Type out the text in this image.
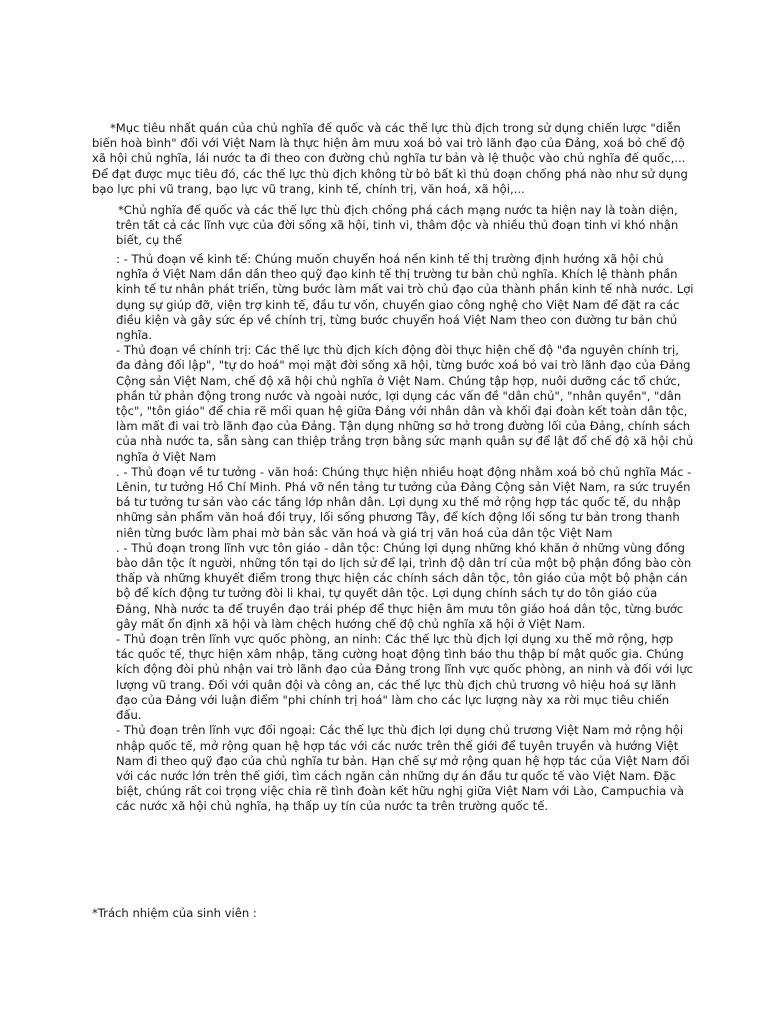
*Mục tiêu nhất quán của chủ nghĩa đế quốc và các thế lực thù địch trong sử dụng chiến lược "diễn biến hoà bình" đối với Việt Nam là thực hiện âm mưu xoá bỏ vai trò lãnh đạo của Đảng, xoá bỏ chế độ xã hội chủ nghĩa, lái nước ta đi theo con đường chủ nghĩa tư bản và lệ thuộc vào chủ nghĩa đế quốc,... Để đạt được mục tiêu đó, các thế lực thù địch không từ bỏ bất kì thủ đoạn chống phá nào như sử dụng bạo lực phi vũ trang, bạo lực vũ trang, kinh tế, chính trị, văn hoá, xã hội,...

*Chủ nghĩa đế quốc và các thế lực thù địch chống phá cách mạng nước ta hiện nay là toàn diện, trên tất cả các lĩnh vực của đời sống xã hội, tinh vi, thâm độc và nhiều thủ đoạn tinh vi khó nhận biết, cụ thể

: - Thủ đoạn về kinh tế: Chúng muốn chuyển hoá nền kinh tế thị trường định hướng xã hội chủ nghĩa ở Việt Nam dần dần theo quỹ đạo kinh tế thị trường tư bản chủ nghĩa. Khích lệ thành phần kinh tế tư nhân phát triển, từng bước làm mất vai trò chủ đạo của thành phần kinh tế nhà nước. Lợi dụng sự giúp đỡ, viện trợ kinh tế, đầu tư vốn, chuyển giao công nghệ cho Việt Nam để đặt ra các điều kiện và gây sức ép về chính trị, từng bước chuyển hoá Việt Nam theo con đường tư bản chủ nghĩa.

- Thủ đoạn về chính trị: Các thế lực thù địch kích động đòi thực hiện chế độ "đa nguyên chính trị, đa đảng đối lập", "tự do hoá" mọi mặt đời sống xã hội, từng bước xoá bỏ vai trò lãnh đạo của Đảng Cộng sản Việt Nam, chế độ xã hội chủ nghĩa ở Việt Nam. Chúng tập hợp, nuôi dưỡng các tổ chức, phần tử phản động trong nước và ngoài nước, lợi dụng các vấn đề "dân chủ", "nhân quyền", "dân tộc", "tôn giáo" để chia rẽ mối quan hệ giữa Đảng với nhân dân và khối đại đoàn kết toàn dân tộc, làm mất đi vai trò lãnh đạo của Đảng. Tận dụng những sơ hở trong đường lối của Đảng, chính sách của nhà nước ta, sẵn sàng can thiệp trắng trợn bằng sức mạnh quân sự để lật đổ chế độ xã hội chủ nghĩa ở Việt Nam

. - Thủ đoạn về tư tưởng - văn hoá: Chúng thực hiện nhiều hoạt động nhằm xoá bỏ chủ nghĩa Mác - Lênin, tư tưởng Hồ Chí Minh. Phá vỡ nền tảng tư tưởng của Đảng Cộng sản Việt Nam, ra sức truyền bá tư tưởng tư sản vào các tầng lớp nhân dân. Lợi dụng xu thế mở rộng hợp tác quốc tế, du nhập những sản phẩm văn hoá đồi trụy, lối sống phương Tây, để kích động lối sống tư bản trong thanh niên từng bước làm phai mờ bản sắc văn hoá và giá trị văn hoá của dân tộc Việt Nam

. - Thủ đoạn trong lĩnh vực tôn giáo - dân tộc: Chúng lợi dụng những khó khăn ở những vùng đồng bào dân tộc ít người, những tồn tại do lịch sử để lại, trình độ dân trí của một bộ phận đồng bào còn thấp và những khuyết điểm trong thực hiện các chính sách dân tộc, tôn giáo của một bộ phận cán bộ để kích động tư tưởng đòi li khai, tự quyết dân tộc. Lợi dụng chính sách tự do tôn giáo của Đảng, Nhà nước ta để truyền đạo trái phép để thực hiện âm mưu tôn giáo hoá dân tộc, từng bước gây mất ổn định xã hội và làm chệch hướng chế độ chủ nghĩa xã hội ở Việt Nam.

- Thủ đoạn trên lĩnh vực quốc phòng, an ninh: Các thế lực thù địch lợi dụng xu thế mở rộng, hợp tác quốc tế, thực hiện xâm nhập, tăng cường hoạt động tình báo thu thập bí mật quốc gia. Chúng kích động đòi phủ nhận vai trò lãnh đạo của Đảng trong lĩnh vực quốc phòng, an ninh và đối với lực lượng vũ trang. Đối với quân đội và công an, các thế lực thù địch chủ trương vô hiệu hoá sự lãnh đạo của Đảng với luận điểm "phi chính trị hoá" làm cho các lực lượng này xa rời mục tiêu chiến đấu.

- Thủ đoạn trên lĩnh vực đối ngoại: Các thế lực thù địch lợi dụng chủ trương Việt Nam mở rộng hội nhập quốc tế, mở rộng quan hệ hợp tác với các nước trên thế giới để tuyên truyền và hướng Việt Nam đi theo quỹ đạo của chủ nghĩa tư bản. Hạn chế sự mở rộng quan hệ hợp tác của Việt Nam đối với các nước lớn trên thế giới, tìm cách ngăn cản những dự án đầu tư quốc tế vào Việt Nam. Đặc biệt, chúng rất coi trọng việc chia rẽ tình đoàn kết hữu nghị giữa Việt Nam với Lào, Campuchia và các nước xã hội chủ nghĩa, hạ thấp uy tín của nước ta trên trường quốc tế.

*Trách nhiệm của sinh viên :
